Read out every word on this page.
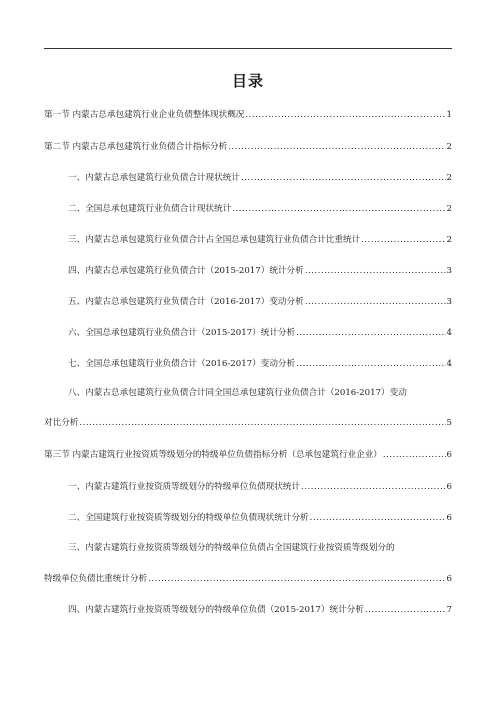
目录
第一节 内蒙古总承包建筑行业企业负债整体现状概况 .....	1
第二节 内蒙古总承包建筑行业负债合计指标分析 .....	2
一、内蒙古总承包建筑行业负债合计现状统计 .....	2
二、全国总承包建筑行业负债合计现状统计 .....	2
三、内蒙古总承包建筑行业负债合计占全国总承包建筑行业负债合计比重统计 .....	2
四、内蒙古总承包建筑行业负债合计（2015-2017）统计分析 .....	3
五、内蒙古总承包建筑行业负债合计（2016-2017）变动分析 .....	3
六、全国总承包建筑行业负债合计（2015-2017）统计分析 .....	4
七、全国总承包建筑行业负债合计（2016-2017）变动分析 .....	4
八、内蒙古总承包建筑行业负债合计同全国总承包建筑行业负债合计（2016-2017）变动
对比分析 .....	5
第三节 内蒙古建筑行业按资质等级划分的特级单位负债指标分析（总承包建筑行业企业） .....	6
一、内蒙古建筑行业按资质等级划分的特级单位负债现状统计 .....	6
二、全国建筑行业按资质等级划分的特级单位负债现状统计分析 .....	6
三、内蒙古建筑行业按资质等级划分的特级单位负债占全国建筑行业按资质等级划分的
特级单位负债比重统计分析 .....	6
四、内蒙古建筑行业按资质等级划分的特级单位负债（2015-2017）统计分析 .....	7
